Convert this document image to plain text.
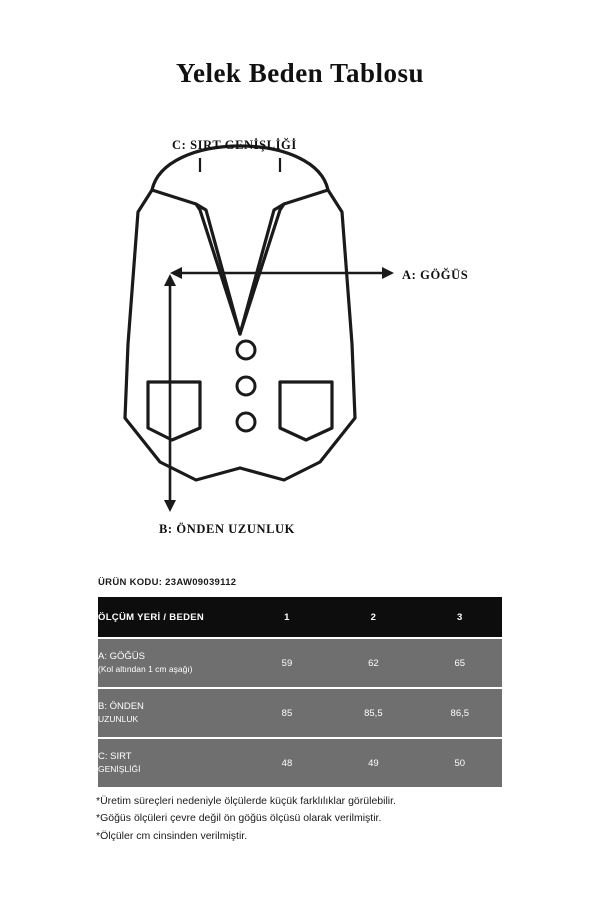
Yelek Beden Tablosu
C: SIRT GENİŞLİĞİ
A: GÖĞÜS
B: ÖNDEN UZUNLUK
ÜRÜN KODU: 23AW09039112
ÖLÇÜM YERİ / BEDEN		1		2		3

A: GÖĞÜS
(Kol altından 1 cm aşağı)		59		62		65

B: ÖNDEN
UZUNLUK		85		85,5		86,5

C: SIRT
GENİŞLİĞİ		48		49		50
*Üretim süreçleri nedeniyle ölçülerde küçük farklılıklar görülebilir.
*Göğüs ölçüleri çevre değil ön göğüs ölçüsü olarak verilmiştir.
*Ölçüler cm cinsinden verilmiştir.
